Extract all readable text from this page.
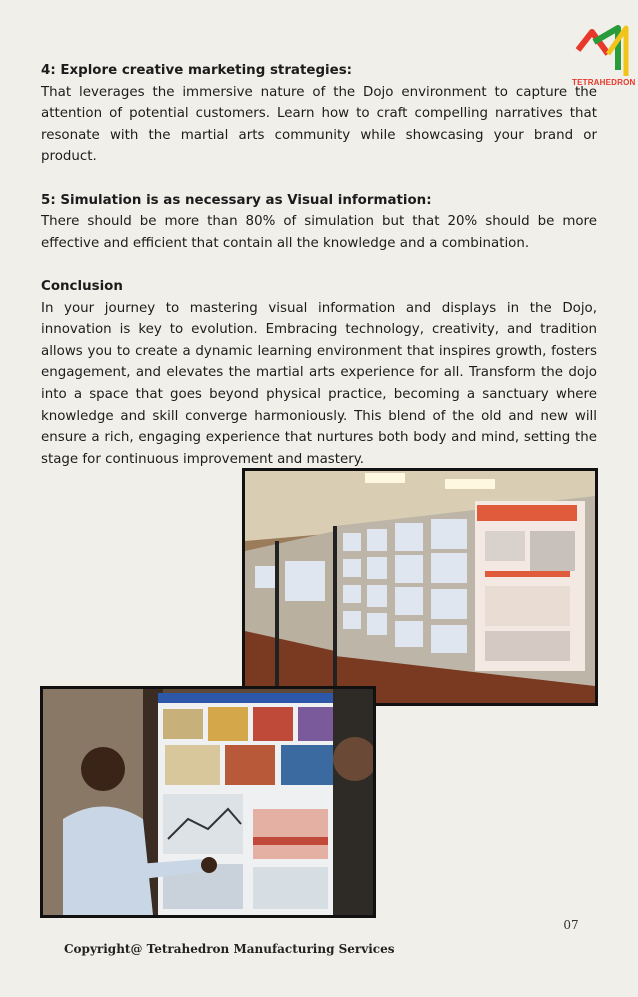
TETRAHEDRON

4: Explore creative marketing strategies:

That leverages the immersive nature of the Dojo environment to capture the attention of potential customers. Learn how to craft compelling narratives that resonate with the martial arts community while showcasing your brand or product.

5: Simulation is as necessary as Visual information:

There should be more than 80% of simulation but that 20% should be more effective and efficient that contain all the knowledge and a combination.

Conclusion

In your journey to mastering visual information and displays in the Dojo, innovation is key to evolution. Embracing technology, creativity, and tradition allows you to create a dynamic learning environment that inspires growth, fosters engagement, and elevates the martial arts experience for all. Transform the dojo into a space that goes beyond physical practice, becoming a sanctuary where knowledge and skill converge harmoniously. This blend of the old and new will ensure a rich, engaging experience that nurtures both body and mind, setting the stage for continuous improvement and mastery.

07
Copyright@ Tetrahedron Manufacturing Services
